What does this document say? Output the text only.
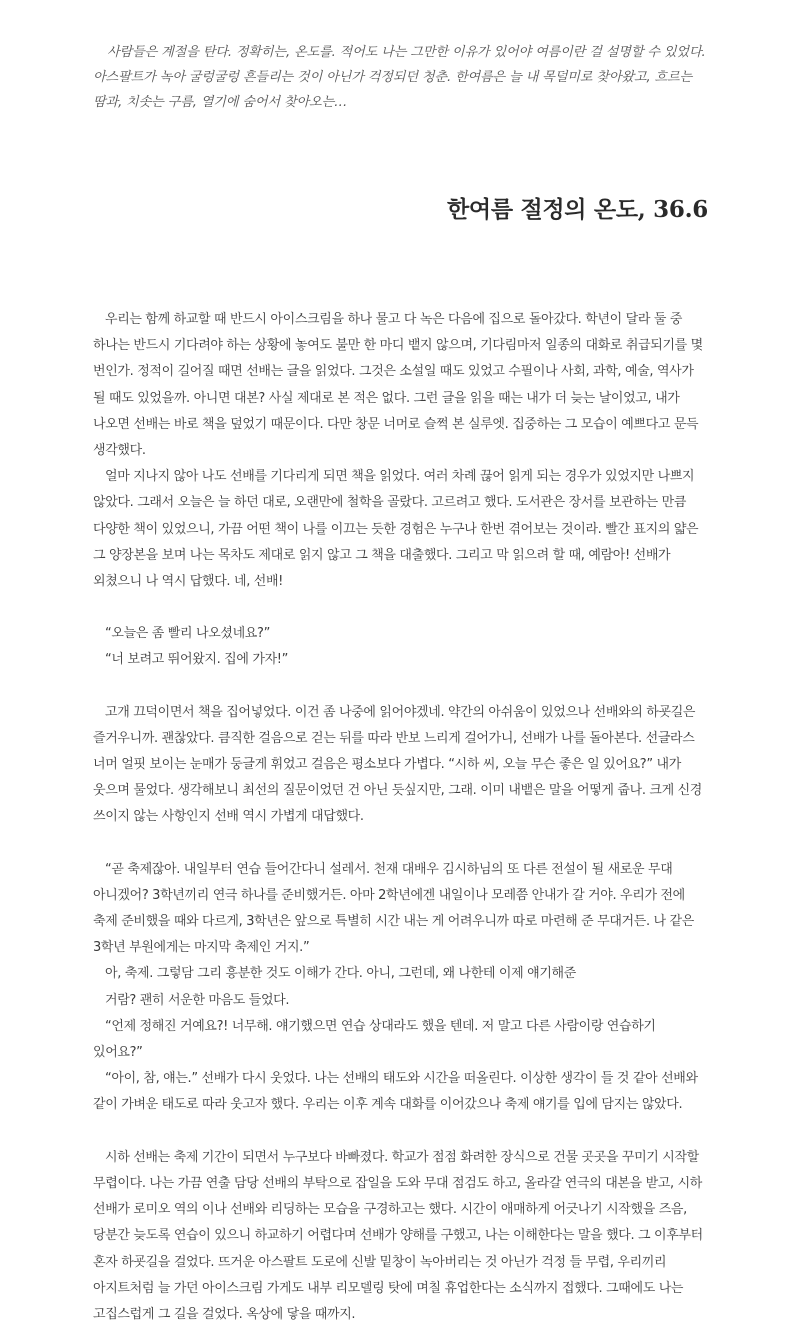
사람들은 계절을 탄다. 정확히는, 온도를. 적어도 나는 그만한 이유가 있어야 여름이란 걸 설명할 수 있었다. 아스팔트가 녹아 굴렁굴렁 흔들리는 것이 아닌가 걱정되던 청춘. 한여름은 늘 내 목덜미로 찾아왔고, 흐르는 땀과, 치솟는 구름, 열기에 숨어서 찾아오는…

한여름 절정의 온도, 36.6

우리는 함께 하교할 때 반드시 아이스크림을 하나 물고 다 녹은 다음에 집으로 돌아갔다. 학년이 달라 둘 중 하나는 반드시 기다려야 하는 상황에 놓여도 불만 한 마디 뱉지 않으며, 기다림마저 일종의 대화로 취급되기를 몇 번인가. 정적이 길어질 때면 선배는 글을 읽었다. 그것은 소설일 때도 있었고 수필이나 사회, 과학, 예술, 역사가 될 때도 있었을까. 아니면 대본? 사실 제대로 본 적은 없다. 그런 글을 읽을 때는 내가 더 늦는 날이었고, 내가 나오면 선배는 바로 책을 덮었기 때문이다. 다만 창문 너머로 슬쩍 본 실루엣. 집중하는 그 모습이 예쁘다고 문득 생각했다.

얼마 지나지 않아 나도 선배를 기다리게 되면 책을 읽었다. 여러 차례 끊어 읽게 되는 경우가 있었지만 나쁘지 않았다. 그래서 오늘은 늘 하던 대로, 오랜만에 철학을 골랐다. 고르려고 했다. 도서관은 장서를 보관하는 만큼 다양한 책이 있었으니, 가끔 어떤 책이 나를 이끄는 듯한 경험은 누구나 한번 겪어보는 것이라. 빨간 표지의 얇은 그 양장본을 보며 나는 목차도 제대로 읽지 않고 그 책을 대출했다. 그리고 막 읽으려 할 때, 예람아! 선배가 외쳤으니 나 역시 답했다. 네, 선배!

“오늘은 좀 빨리 나오셨네요?”

“너 보려고 뛰어왔지. 집에 가자!”

고개 끄덕이면서 책을 집어넣었다. 이건 좀 나중에 읽어야겠네. 약간의 아쉬움이 있었으나 선배와의 하굣길은 즐거우니까. 괜찮았다. 큼직한 걸음으로 걷는 뒤를 따라 반보 느리게 걸어가니, 선배가 나를 돌아본다. 선글라스 너머 얼핏 보이는 눈매가 둥글게 휘었고 걸음은 평소보다 가볍다. “시하 씨, 오늘 무슨 좋은 일 있어요?” 내가 웃으며 물었다. 생각해보니 최선의 질문이었던 건 아닌 듯싶지만, 그래. 이미 내뱉은 말을 어떻게 줍나. 크게 신경 쓰이지 않는 사항인지 선배 역시 가볍게 대답했다.

“곧 축제잖아. 내일부터 연습 들어간다니 설레서. 천재 대배우 김시하님의 또 다른 전설이 될 새로운 무대 아니겠어? 3학년끼리 연극 하나를 준비했거든. 아마 2학년에겐 내일이나 모레쯤 안내가 갈 거야. 우리가 전에 축제 준비했을 때와 다르게, 3학년은 앞으로 특별히 시간 내는 게 어려우니까 따로 마련해 준 무대거든. 나 같은 3학년 부원에게는 마지막 축제인 거지.”

아, 축제. 그렇담 그리 흥분한 것도 이해가 간다. 아니, 그런데, 왜 나한테 이제 얘기해준

거람? 괜히 서운한 마음도 들었다.

“언제 정해진 거예요?! 너무해. 얘기했으면 연습 상대라도 했을 텐데. 저 말고 다른 사람이랑 연습하기 있어요?”

“아이, 참, 얘는.” 선배가 다시 웃었다. 나는 선배의 태도와 시간을 떠올린다. 이상한 생각이 들 것 같아 선배와 같이 가벼운 태도로 따라 웃고자 했다. 우리는 이후 계속 대화를 이어갔으나 축제 얘기를 입에 담지는 않았다.

시하 선배는 축제 기간이 되면서 누구보다 바빠졌다. 학교가 점점 화려한 장식으로 건물 곳곳을 꾸미기 시작할 무렵이다. 나는 가끔 연출 담당 선배의 부탁으로 잡일을 도와 무대 점검도 하고, 올라갈 연극의 대본을 받고, 시하 선배가 로미오 역의 이나 선배와 리딩하는 모습을 구경하고는 했다. 시간이 애매하게 어긋나기 시작했을 즈음, 당분간 늦도록 연습이 있으니 하교하기 어렵다며 선배가 양해를 구했고, 나는 이해한다는 말을 했다. 그 이후부터 혼자 하굣길을 걸었다. 뜨거운 아스팔트 도로에 신발 밑창이 녹아버리는 것 아닌가 걱정 들 무렵, 우리끼리 아지트처럼 늘 가던 아이스크림 가게도 내부 리모델링 탓에 며칠 휴업한다는 소식까지 접했다. 그때에도 나는 고집스럽게 그 길을 걸었다. 옥상에 닿을 때까지.
